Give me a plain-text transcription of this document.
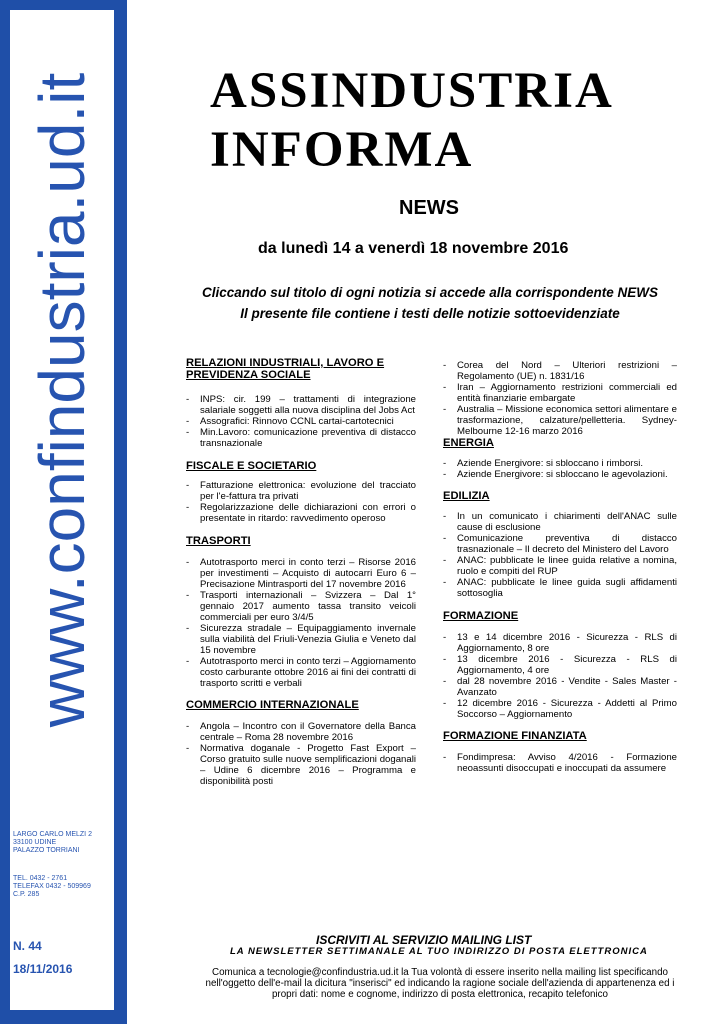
www.confindustria.ud.it
LARGO CARLO MELZI 2
33100 UDINE
PALAZZO TORRIANI
TEL. 0432 - 2761
TELEFAX 0432 - 509969
C.P. 285
N. 44
18/11/2016
ASSINDUSTRIA
INFORMA
NEWS
da lunedì 14 a venerdì 18 novembre 2016
Cliccando sul titolo di ogni notizia si accede alla corrispondente NEWS
Il presente file contiene i testi delle notizie sottoevidenziate

RELAZIONI INDUSTRIALI, LAVORO E PREVIDENZA SOCIALE

- INPS: cir. 199 – trattamenti di integrazione salariale soggetti alla nuova disciplina del Jobs Act
- Assografici: Rinnovo CCNL cartai-cartotecnici
- Min.Lavoro: comunicazione preventiva di distacco transnazionale

FISCALE E SOCIETARIO

- Fatturazione elettronica: evoluzione del tracciato per l'e-fattura tra privati
- Regolarizzazione delle dichiarazioni con errori o presentate in ritardo: ravvedimento operoso

TRASPORTI

- Autotrasporto merci in conto terzi – Risorse 2016 per investimenti – Acquisto di autocarri Euro 6 – Precisazione Mintrasporti del 17 novembre 2016
- Trasporti internazionali – Svizzera – Dal 1° gennaio 2017 aumento tassa transito veicoli commerciali per euro 3/4/5
- Sicurezza stradale – Equipaggiamento invernale sulla viabilità del Friuli-Venezia Giulia e Veneto dal 15 novembre
- Autotrasporto merci in conto terzi – Aggiornamento costo carburante ottobre 2016 ai fini dei contratti di trasporto scritti e verbali

COMMERCIO INTERNAZIONALE

- Angola – Incontro con il Governatore della Banca centrale – Roma 28 novembre 2016
- Normativa doganale - Progetto Fast Export – Corso gratuito sulle nuove semplificazioni doganali – Udine 6 dicembre 2016 – Programma e disponibilità posti
- Corea del Nord – Ulteriori restrizioni – Regolamento (UE) n. 1831/16
- Iran – Aggiornamento restrizioni commerciali ed entità finanziarie embargate
- Australia – Missione economica settori alimentare e trasformazione, calzature/pelletteria. Sydney-Melbourne 12-16 marzo 2016

ENERGIA

- Aziende Energivore: si sbloccano i rimborsi.
- Aziende Energivore: si sbloccano le agevolazioni.

EDILIZIA

- In un comunicato i chiarimenti dell'ANAC sulle cause di esclusione
- Comunicazione preventiva di distacco trasnazionale – Il decreto del Ministero del Lavoro
- ANAC: pubblicate le linee guida relative a nomina, ruolo e compiti del RUP
- ANAC: pubblicate le linee guida sugli affidamenti sottosoglia

FORMAZIONE

- 13 e 14 dicembre 2016 - Sicurezza - RLS di Aggiornamento, 8 ore
- 13 dicembre 2016 - Sicurezza - RLS di Aggiornamento, 4 ore
- dal 28 novembre 2016 - Vendite - Sales Master - Avanzato
- 12 dicembre 2016 - Sicurezza - Addetti al Primo Soccorso – Aggiornamento

FORMAZIONE FINANZIATA

- Fondimpresa: Avviso 4/2016 - Formazione neoassunti disoccupati e inoccupati da assumere
ISCRIVITI AL SERVIZIO MAILING LIST
LA NEWSLETTER SETTIMANALE AL TUO INDIRIZZO DI POSTA ELETTRONICA
Comunica a tecnologie@confindustria.ud.it la Tua volontà di essere inserito nella mailing list specificando nell'oggetto dell'e-mail la dicitura "inserisci" ed indicando la ragione sociale dell'azienda di appartenenza ed i propri dati: nome e cognome, indirizzo di posta elettronica, recapito telefonico
